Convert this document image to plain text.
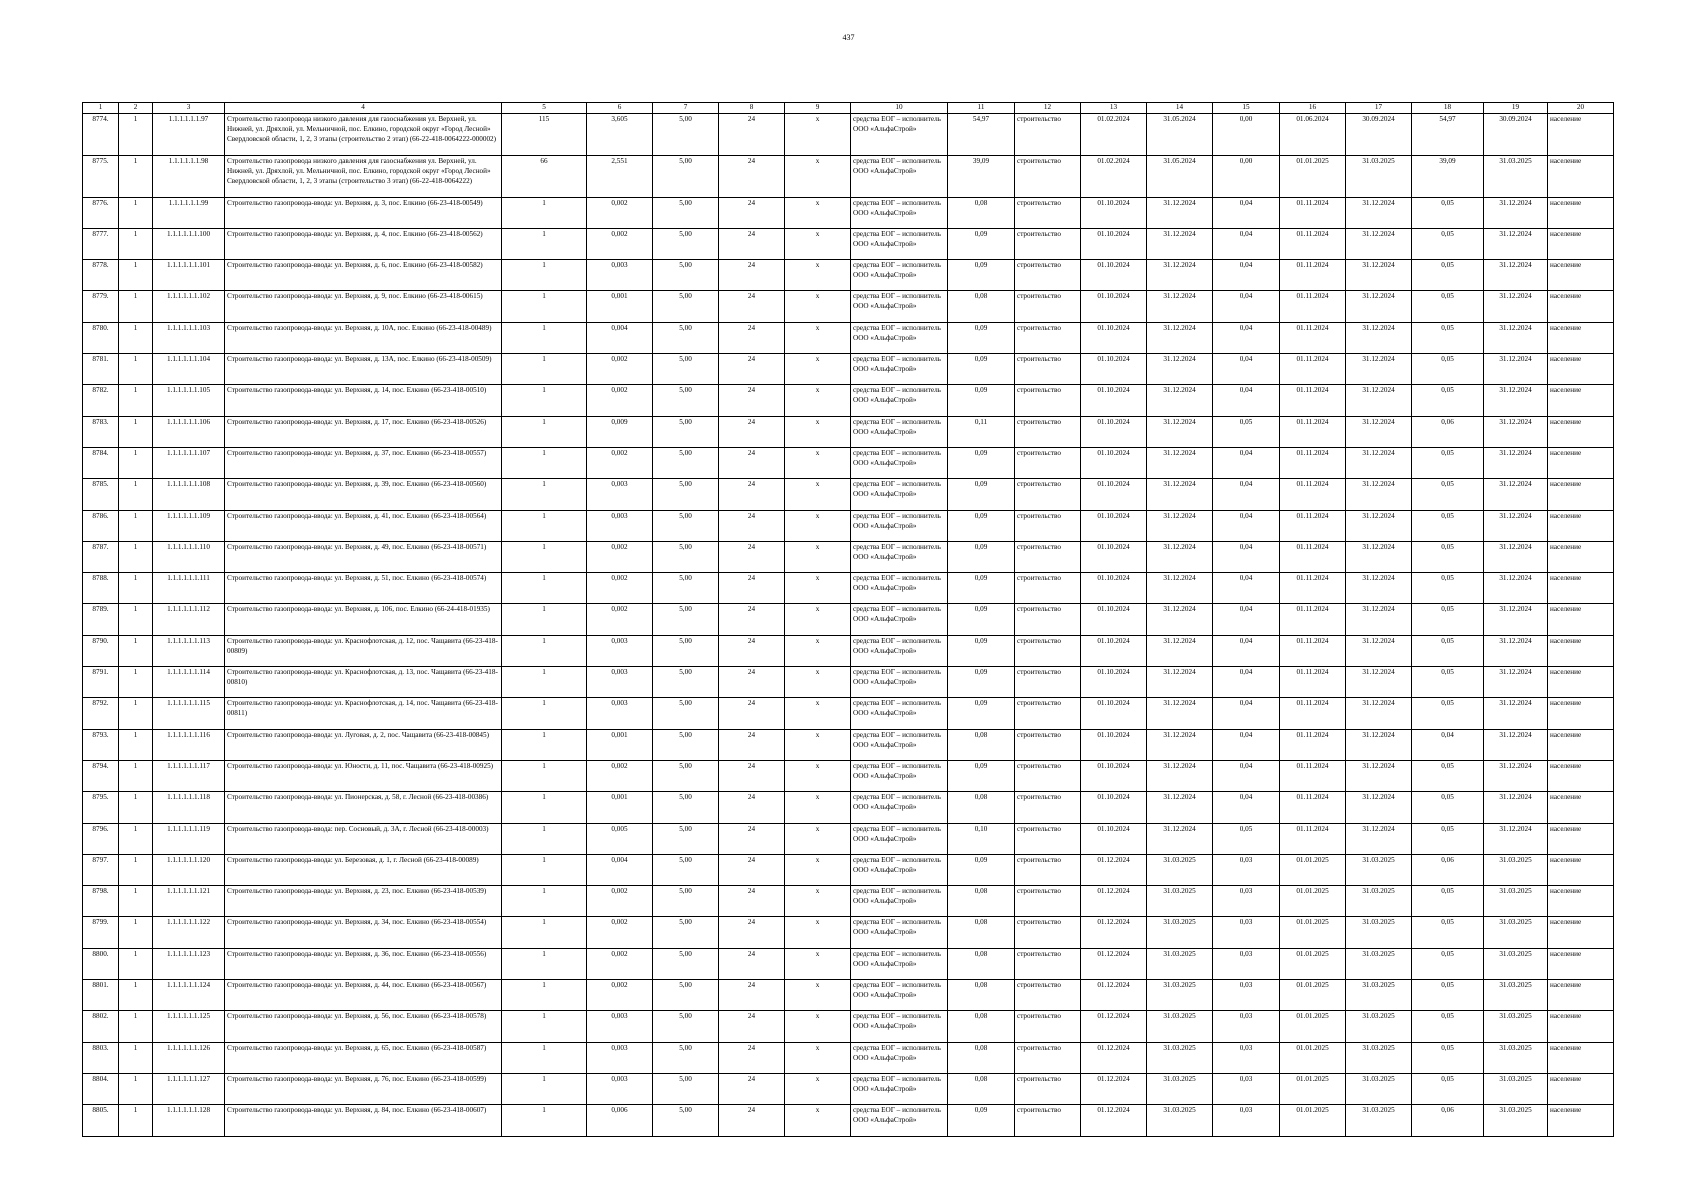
437
1	2	3	4	5	6	7	8	9	10	11	12	13	14	15	16	17	18	19	20
8774.	1	1.1.1.1.1.1.97	Строительство газопровода низкого давления для газоснабжения ул. Верхней, ул. Нижней, ул. Дряхлой, ул. Мельничной, пос. Елкино, городской округ «Город Лесной» Свердловской области, 1, 2, 3 этапы (строительство 2 этап) (66-22-418-0064222-000002)	115	3,605	5,00	24	х	средства ЕОГ – исполнитель ООО «АльфаСтрой»	54,97	строительство	01.02.2024	31.05.2024	0,00	01.06.2024	30.09.2024	54,97	30.09.2024	население
8775.	1	1.1.1.1.1.1.98	Строительство газопровода низкого давления для газоснабжения ул. Верхней, ул. Нижней, ул. Дряхлой, ул. Мельничной, пос. Елкино, городской округ «Город Лесной» Свердловской области, 1, 2, 3 этапы (строительство 3 этап) (66-22-418-0064222)	66	2,551	5,00	24	х	средства ЕОГ – исполнитель ООО «АльфаСтрой»	39,09	строительство	01.02.2024	31.05.2024	0,00	01.01.2025	31.03.2025	39,09	31.03.2025	население
8776.	1	1.1.1.1.1.1.99	Строительство газопровода-ввода: ул. Верхняя, д. 3, пос. Елкино (66-23-418-00549)	1	0,002	5,00	24	х	средства ЕОГ – исполнитель ООО «АльфаСтрой»	0,08	строительство	01.10.2024	31.12.2024	0,04	01.11.2024	31.12.2024	0,05	31.12.2024	население
8777.	1	1.1.1.1.1.1.100	Строительство газопровода-ввода: ул. Верхняя, д. 4, пос. Елкино (66-23-418-00562)	1	0,002	5,00	24	х	средства ЕОГ – исполнитель ООО «АльфаСтрой»	0,09	строительство	01.10.2024	31.12.2024	0,04	01.11.2024	31.12.2024	0,05	31.12.2024	население
8778.	1	1.1.1.1.1.1.101	Строительство газопровода-ввода: ул. Верхняя, д. 6, пос. Елкино (66-23-418-00582)	1	0,003	5,00	24	х	средства ЕОГ – исполнитель ООО «АльфаСтрой»	0,09	строительство	01.10.2024	31.12.2024	0,04	01.11.2024	31.12.2024	0,05	31.12.2024	население
8779.	1	1.1.1.1.1.1.102	Строительство газопровода-ввода: ул. Верхняя, д. 9, пос. Елкино (66-23-418-00615)	1	0,001	5,00	24	х	средства ЕОГ – исполнитель ООО «АльфаСтрой»	0,08	строительство	01.10.2024	31.12.2024	0,04	01.11.2024	31.12.2024	0,05	31.12.2024	население
8780.	1	1.1.1.1.1.1.103	Строительство газопровода-ввода: ул. Верхняя, д. 10А, пос. Елкино (66-23-418-00489)	1	0,004	5,00	24	х	средства ЕОГ – исполнитель ООО «АльфаСтрой»	0,09	строительство	01.10.2024	31.12.2024	0,04	01.11.2024	31.12.2024	0,05	31.12.2024	население
8781.	1	1.1.1.1.1.1.104	Строительство газопровода-ввода: ул. Верхняя, д. 13А, пос. Елкино (66-23-418-00509)	1	0,002	5,00	24	х	средства ЕОГ – исполнитель ООО «АльфаСтрой»	0,09	строительство	01.10.2024	31.12.2024	0,04	01.11.2024	31.12.2024	0,05	31.12.2024	население
8782.	1	1.1.1.1.1.1.105	Строительство газопровода-ввода: ул. Верхняя, д. 14, пос. Елкино (66-23-418-00510)	1	0,002	5,00	24	х	средства ЕОГ – исполнитель ООО «АльфаСтрой»	0,09	строительство	01.10.2024	31.12.2024	0,04	01.11.2024	31.12.2024	0,05	31.12.2024	население
8783.	1	1.1.1.1.1.1.106	Строительство газопровода-ввода: ул. Верхняя, д. 17, пос. Елкино (66-23-418-00526)	1	0,009	5,00	24	х	средства ЕОГ – исполнитель ООО «АльфаСтрой»	0,11	строительство	01.10.2024	31.12.2024	0,05	01.11.2024	31.12.2024	0,06	31.12.2024	население
8784.	1	1.1.1.1.1.1.107	Строительство газопровода-ввода: ул. Верхняя, д. 37, пос. Елкино (66-23-418-00557)	1	0,002	5,00	24	х	средства ЕОГ – исполнитель ООО «АльфаСтрой»	0,09	строительство	01.10.2024	31.12.2024	0,04	01.11.2024	31.12.2024	0,05	31.12.2024	население
8785.	1	1.1.1.1.1.1.108	Строительство газопровода-ввода: ул. Верхняя, д. 39, пос. Елкино (66-23-418-00560)	1	0,003	5,00	24	х	средства ЕОГ – исполнитель ООО «АльфаСтрой»	0,09	строительство	01.10.2024	31.12.2024	0,04	01.11.2024	31.12.2024	0,05	31.12.2024	население
8786.	1	1.1.1.1.1.1.109	Строительство газопровода-ввода: ул. Верхняя, д. 41, пос. Елкино (66-23-418-00564)	1	0,003	5,00	24	х	средства ЕОГ – исполнитель ООО «АльфаСтрой»	0,09	строительство	01.10.2024	31.12.2024	0,04	01.11.2024	31.12.2024	0,05	31.12.2024	население
8787.	1	1.1.1.1.1.1.110	Строительство газопровода-ввода: ул. Верхняя, д. 49, пос. Елкино (66-23-418-00571)	1	0,002	5,00	24	х	средства ЕОГ – исполнитель ООО «АльфаСтрой»	0,09	строительство	01.10.2024	31.12.2024	0,04	01.11.2024	31.12.2024	0,05	31.12.2024	население
8788.	1	1.1.1.1.1.1.111	Строительство газопровода-ввода: ул. Верхняя, д. 51, пос. Елкино (66-23-418-00574)	1	0,002	5,00	24	х	средства ЕОГ – исполнитель ООО «АльфаСтрой»	0,09	строительство	01.10.2024	31.12.2024	0,04	01.11.2024	31.12.2024	0,05	31.12.2024	население
8789.	1	1.1.1.1.1.1.112	Строительство газопровода-ввода: ул. Верхняя, д. 106, пос. Елкино (66-24-418-01935)	1	0,002	5,00	24	х	средства ЕОГ – исполнитель ООО «АльфаСтрой»	0,09	строительство	01.10.2024	31.12.2024	0,04	01.11.2024	31.12.2024	0,05	31.12.2024	население
8790.	1	1.1.1.1.1.1.113	Строительство газопровода-ввода: ул. Краснофлотская, д. 12, пос. Чащавита (66-23-418-00809)	1	0,003	5,00	24	х	средства ЕОГ – исполнитель ООО «АльфаСтрой»	0,09	строительство	01.10.2024	31.12.2024	0,04	01.11.2024	31.12.2024	0,05	31.12.2024	население
8791.	1	1.1.1.1.1.1.114	Строительство газопровода-ввода: ул. Краснофлотская, д. 13, пос. Чащавита (66-23-418-00810)	1	0,003	5,00	24	х	средства ЕОГ – исполнитель ООО «АльфаСтрой»	0,09	строительство	01.10.2024	31.12.2024	0,04	01.11.2024	31.12.2024	0,05	31.12.2024	население
8792.	1	1.1.1.1.1.1.115	Строительство газопровода-ввода: ул. Краснофлотская, д. 14, пос. Чащавита (66-23-418-00811)	1	0,003	5,00	24	х	средства ЕОГ – исполнитель ООО «АльфаСтрой»	0,09	строительство	01.10.2024	31.12.2024	0,04	01.11.2024	31.12.2024	0,05	31.12.2024	население
8793.	1	1.1.1.1.1.1.116	Строительство газопровода-ввода: ул. Луговая, д. 2, пос. Чащавита (66-23-418-00845)	1	0,001	5,00	24	х	средства ЕОГ – исполнитель ООО «АльфаСтрой»	0,08	строительство	01.10.2024	31.12.2024	0,04	01.11.2024	31.12.2024	0,04	31.12.2024	население
8794.	1	1.1.1.1.1.1.117	Строительство газопровода-ввода: ул. Юности, д. 11, пос. Чащавита (66-23-418-00925)	1	0,002	5,00	24	х	средства ЕОГ – исполнитель ООО «АльфаСтрой»	0,09	строительство	01.10.2024	31.12.2024	0,04	01.11.2024	31.12.2024	0,05	31.12.2024	население
8795.	1	1.1.1.1.1.1.118	Строительство газопровода-ввода: ул. Пионерская, д. 58, г. Лесной (66-23-418-00386)	1	0,001	5,00	24	х	средства ЕОГ – исполнитель ООО «АльфаСтрой»	0,08	строительство	01.10.2024	31.12.2024	0,04	01.11.2024	31.12.2024	0,05	31.12.2024	население
8796.	1	1.1.1.1.1.1.119	Строительство газопровода-ввода: пер. Сосновый, д. 3А, г. Лесной (66-23-418-00003)	1	0,005	5,00	24	х	средства ЕОГ – исполнитель ООО «АльфаСтрой»	0,10	строительство	01.10.2024	31.12.2024	0,05	01.11.2024	31.12.2024	0,05	31.12.2024	население
8797.	1	1.1.1.1.1.1.120	Строительство газопровода-ввода: ул. Березовая, д. 1, г. Лесной (66-23-418-00089)	1	0,004	5,00	24	х	средства ЕОГ – исполнитель ООО «АльфаСтрой»	0,09	строительство	01.12.2024	31.03.2025	0,03	01.01.2025	31.03.2025	0,06	31.03.2025	население
8798.	1	1.1.1.1.1.1.121	Строительство газопровода-ввода: ул. Верхняя, д. 23, пос. Елкино (66-23-418-00539)	1	0,002	5,00	24	х	средства ЕОГ – исполнитель ООО «АльфаСтрой»	0,08	строительство	01.12.2024	31.03.2025	0,03	01.01.2025	31.03.2025	0,05	31.03.2025	население
8799.	1	1.1.1.1.1.1.122	Строительство газопровода-ввода: ул. Верхняя, д. 34, пос. Елкино (66-23-418-00554)	1	0,002	5,00	24	х	средства ЕОГ – исполнитель ООО «АльфаСтрой»	0,08	строительство	01.12.2024	31.03.2025	0,03	01.01.2025	31.03.2025	0,05	31.03.2025	население
8800.	1	1.1.1.1.1.1.123	Строительство газопровода-ввода: ул. Верхняя, д. 36, пос. Елкино (66-23-418-00556)	1	0,002	5,00	24	х	средства ЕОГ – исполнитель ООО «АльфаСтрой»	0,08	строительство	01.12.2024	31.03.2025	0,03	01.01.2025	31.03.2025	0,05	31.03.2025	население
8801.	1	1.1.1.1.1.1.124	Строительство газопровода-ввода: ул. Верхняя, д. 44, пос. Елкино (66-23-418-00567)	1	0,002	5,00	24	х	средства ЕОГ – исполнитель ООО «АльфаСтрой»	0,08	строительство	01.12.2024	31.03.2025	0,03	01.01.2025	31.03.2025	0,05	31.03.2025	население
8802.	1	1.1.1.1.1.1.125	Строительство газопровода-ввода: ул. Верхняя, д. 56, пос. Елкино (66-23-418-00578)	1	0,003	5,00	24	х	средства ЕОГ – исполнитель ООО «АльфаСтрой»	0,08	строительство	01.12.2024	31.03.2025	0,03	01.01.2025	31.03.2025	0,05	31.03.2025	население
8803.	1	1.1.1.1.1.1.126	Строительство газопровода-ввода: ул. Верхняя, д. 65, пос. Елкино (66-23-418-00587)	1	0,003	5,00	24	х	средства ЕОГ – исполнитель ООО «АльфаСтрой»	0,08	строительство	01.12.2024	31.03.2025	0,03	01.01.2025	31.03.2025	0,05	31.03.2025	население
8804.	1	1.1.1.1.1.1.127	Строительство газопровода-ввода: ул. Верхняя, д. 76, пос. Елкино (66-23-418-00599)	1	0,003	5,00	24	х	средства ЕОГ – исполнитель ООО «АльфаСтрой»	0,08	строительство	01.12.2024	31.03.2025	0,03	01.01.2025	31.03.2025	0,05	31.03.2025	население
8805.	1	1.1.1.1.1.1.128	Строительство газопровода-ввода: ул. Верхняя, д. 84, пос. Елкино (66-23-418-00607)	1	0,006	5,00	24	х	средства ЕОГ – исполнитель ООО «АльфаСтрой»	0,09	строительство	01.12.2024	31.03.2025	0,03	01.01.2025	31.03.2025	0,06	31.03.2025	население
